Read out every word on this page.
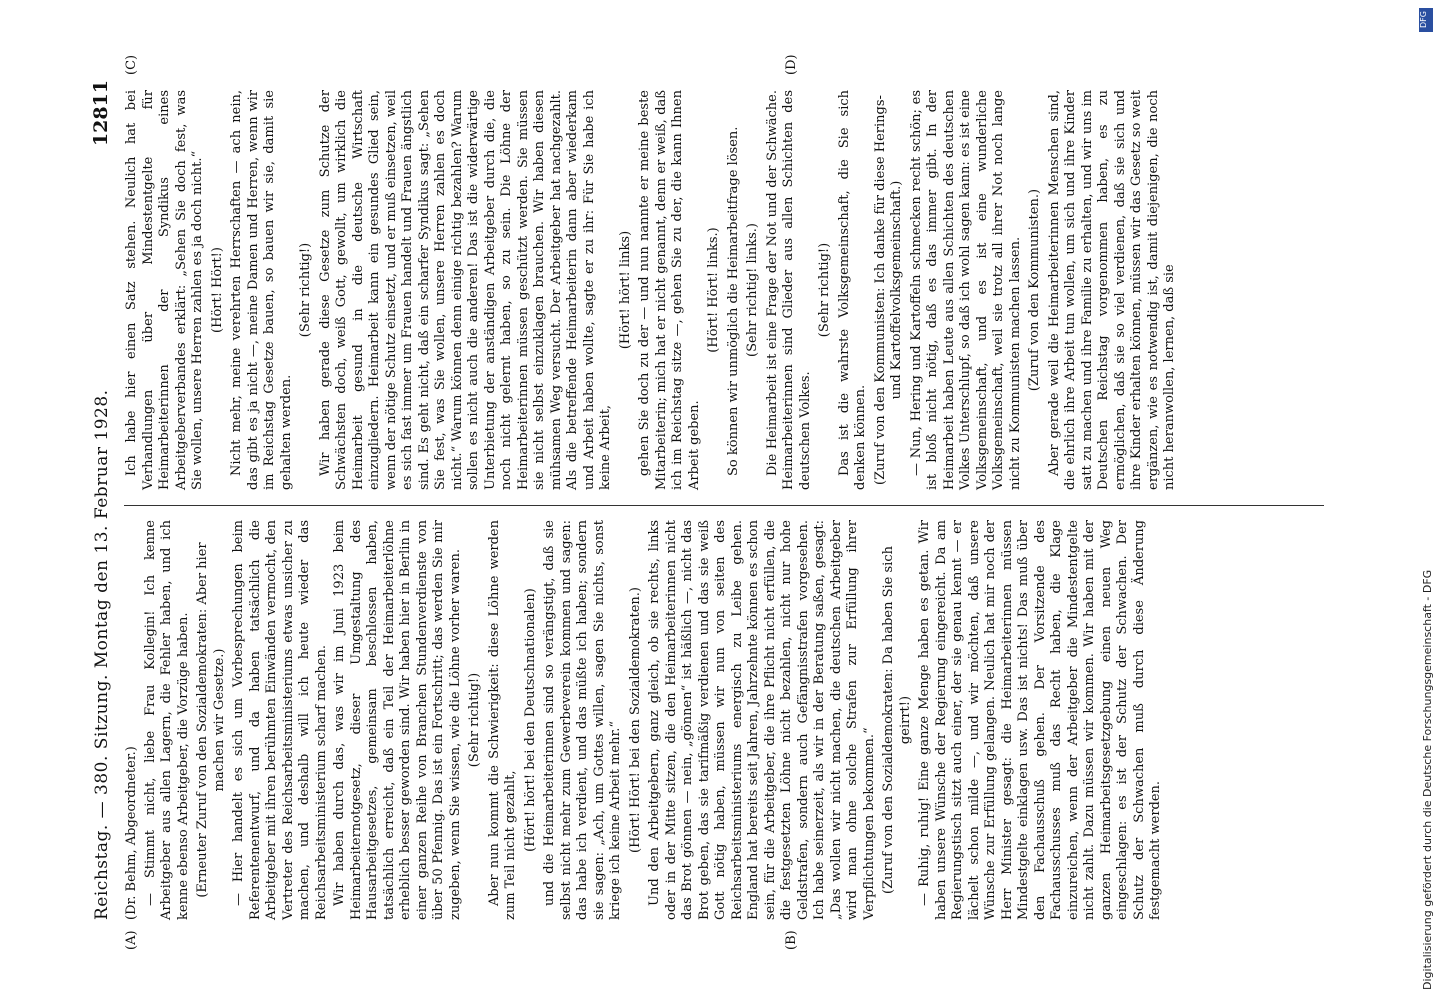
Reichstag. — 380. Sitzung. Montag den 13. Februar 1928.
12811

(Dr. Behm, Abgeordneter.) — Stimmt nicht, liebe Frau Kollegin! Ich kenne Arbeitgeber aus allen Lagern, die Fehler haben, und ich kenne ebenso Arbeitgeber, die Vorzüge haben. (Erneuter Zuruf von den Sozialdemokraten: Aber hier machen wir Gesetze.) — Hier handelt es sich um Vorbesprechungen beim Referentenentwurf, und da haben tatsächlich die Arbeitgeber mit ihren berühmten Einwänden vermocht, den Vertreter des Reichsarbeitsministeriums etwas unsicher zu machen, und deshalb will ich heute wieder das Reichsarbeitsministerium scharf machen. Wir haben durch das, was wir im Juni 1923 beim Heimarbeiternotgesetz, dieser Umgestaltung des Hausarbeitgesetzes, gemeinsam beschlossen haben, tatsächlich erreicht, daß ein Teil der Heimarbeiterlöhne erheblich besser geworden sind. Wir haben hier in Berlin in einer ganzen Reihe von Branchen Stundenverdienste von über 50 Pfennig. Das ist ein Fortschritt; das werden Sie mir zugeben, wenn Sie wissen, wie die Löhne vorher waren. (Sehr richtig!) Aber nun kommt die Schwierigkeit: diese Löhne werden zum Teil nicht gezahlt, (Hört! hört! bei den Deutschnationalen) und die Heimarbeiterinnen sind so verängstigt, daß sie selbst nicht mehr zum Gewerbeverein kommen und sagen: das habe ich verdient, und das müßte ich haben; sondern sie sagen: „Ach, um Gottes willen, sagen Sie nichts, sonst kriege ich keine Arbeit mehr.“ (Hört! Hört! bei den Sozialdemokraten.) Und den Arbeitgebern, ganz gleich, ob sie rechts, links oder in der Mitte sitzen, die den Heimarbeiterinnen nicht das Brot gönnen — nein, „gönnen“ ist häßlich —, nicht das Brot geben, das sie tarifmäßig verdienen und das sie weiß Gott nötig haben, müssen wir nun von seiten des Reichsarbeitsministeriums energisch zu Leibe gehen. England hat bereits seit Jahren, Jahrzehnte können es schon sein, für die Arbeitgeber, die ihre Pflicht nicht erfüllen, die die festgesetzten Löhne nicht bezahlen, nicht nur hohe Geldstrafen, sondern auch Gefängnisstrafen vorgesehen. Ich habe seinerzeit, als wir in der Beratung saßen, gesagt: „Das wollen wir nicht machen, die deutschen Arbeitgeber wird man ohne solche Strafen zur Erfüllung ihrer Verpflichtungen bekommen.“ (Zuruf von den Sozialdemokraten: Da haben Sie sich geirrt!) — Ruhig, ruhig! Eine ganze Menge haben es getan. Wir haben unsere Wünsche der Regierung eingereicht. Da am Regierungstisch sitzt auch einer, der sie genau kennt — er lächelt schon milde —, und wir möchten, daß unsere Wünsche zur Erfüllung gelangen. Neulich hat mir noch der Herr Minister gesagt: die Heimarbeiterinnen müssen Mindestgelte einklagen usw. Das ist nichts! Das muß über den Fachausschuß gehen. Der Vorsitzende des Fachausschusses muß das Recht haben, die Klage einzureichen, wenn der Arbeitgeber die Mindestentgelte nicht zahlt. Dazu müssen wir kommen. Wir haben mit der ganzen Heimarbeitsgesetzgebung einen neuen Weg eingeschlagen: es ist der Schutz der Schwachen. Der Schutz der Schwachen muß durch diese Änderung festgemacht werden.

Ich habe hier einen Satz stehen. Neulich hat bei Verhandlungen über Mindestentgelte für Heimarbeiterinnen der Syndikus eines Arbeitgeberverbandes erklärt: „Sehen Sie doch fest, was Sie wollen, unsere Herren zahlen es ja doch nicht.“ (Hört! Hört!) Nicht mehr, meine verehrten Herrschaften — ach nein, das gibt es ja nicht —, meine Damen und Herren, wenn wir im Reichstag Gesetze bauen, so bauen wir sie, damit sie gehalten werden.

(Sehr richtig!) Wir haben gerade diese Gesetze zum Schutze der Schwächsten doch, weiß Gott, gewollt, um wirklich die Heimarbeit gesund in die deutsche Wirtschaft einzugliedern. Heimarbeit kann ein gesundes Glied sein, wenn der nötige Schutz einsetzt, und er muß einsetzen, weil es sich fast immer um Frauen handelt und Frauen ängstlich sind. Es geht nicht, daß ein scharfer Syndikus sagt: „Sehen Sie fest, was Sie wollen, unsere Herren zahlen es doch nicht.“ Warum können denn einige richtig bezahlen? Warum sollen es nicht auch die anderen! Das ist die widerwärtige Unterbietung der anständigen Arbeitgeber durch die, die noch nicht gelernt haben, so zu sein. Die Löhne der Heimarbeiterinnen müssen geschützt werden. Sie müssen sie nicht selbst einzuklagen brauchen. Wir haben diesen mühsamen Weg versucht. Der Arbeitgeber hat nachgezahlt. Als die betreffende Heimarbeiterin dann aber wiederkam und Arbeit haben wollte, sagte er zu ihr: Für Sie habe ich keine Arbeit,

(Hört! hört! links) gehen Sie doch zu der — und nun nannte er meine beste Mitarbeiterin; mich hat er nicht genannt, denn er weiß, daß ich im Reichstag sitze —, gehen Sie zu der, die kann Ihnen Arbeit geben.

(Hört! Hört! links.) So können wir unmöglich die Heimarbeitfrage lösen. (Sehr richtig! links.) Die Heimarbeit ist eine Frage der Not und der Schwäche. Heimarbeiterinnen sind Glieder aus allen Schichten des deutschen Volkes.

(Sehr richtig!) Das ist die wahrste Volksgemeinschaft, die Sie sich denken können. (Zuruf von den Kommunisten: Ich danke für diese Herings- und Kartoffelvolksgemeinschaft.) — Nun, Hering und Kartoffeln schmecken recht schön; es ist bloß nicht nötig, daß es das immer gibt. In der Heimarbeit haben Leute aus allen Schichten des deutschen Volkes Unterschlupf, so daß ich wohl sagen kann: es ist eine Volksgemeinschaft, und es ist eine wunderliche Volksgemeinschaft, weil sie trotz all ihrer Not noch lange nicht zu Kommunisten machen lassen. (Zuruf von den Kommunisten.) Aber gerade weil die Heimarbeiterinnen Menschen sind, die ehrlich ihre Arbeit tun wollen, um sich und ihre Kinder satt zu machen und ihre Familie zu erhalten, und wir uns im Deutschen Reichstag vorgenommen haben, es zu ermöglichen, daß sie so viel verdienen, daß sie sich und ihre Kinder erhalten können, müssen wir das Gesetz so weit ergänzen, wie es notwendig ist, damit diejenigen, die noch nicht heranwollen, lernen, daß sie

(A)	(B)
(C)	(D)
DFG
Digitalisierung gefördert durch die Deutsche Forschungsgemeinschaft - DFG
